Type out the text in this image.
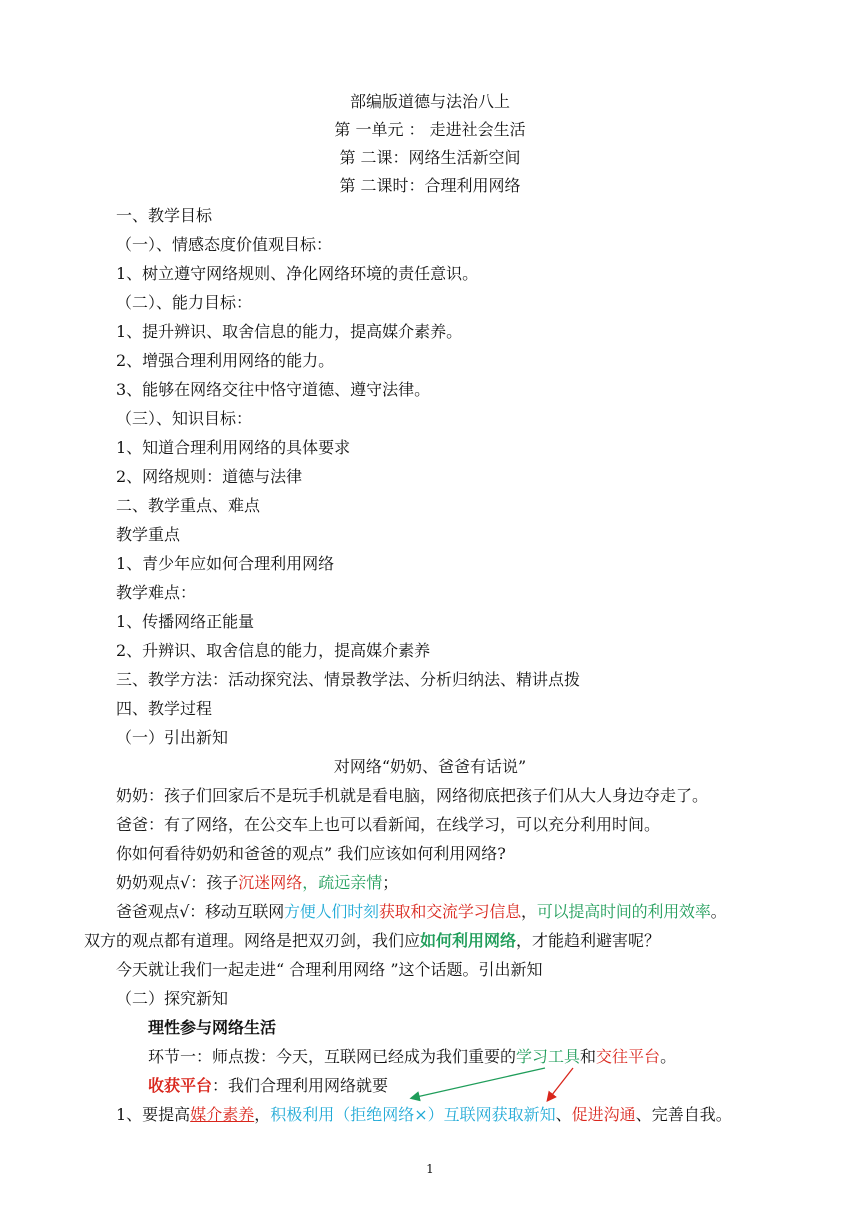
部编版道德与法治八上
第 一单元 ： 走进社会生活
第 二课：网络生活新空间
第 二课时：合理利用网络
一、教学目标
（一）、情感态度价值观目标：
1、树立遵守网络规则、净化网络环境的责任意识。
（二）、能力目标：
1、提升辨识、取舍信息的能力，提高媒介素养。
2、增强合理利用网络的能力。
3、能够在网络交往中恪守道德、遵守法律。
（三）、知识目标：
1、知道合理利用网络的具体要求
2、网络规则：道德与法律
二、教学重点、难点
教学重点
1、青少年应如何合理利用网络
教学难点：
1、传播网络正能量
2、升辨识、取舍信息的能力，提高媒介素养
三、教学方法：活动探究法、情景教学法、分析归纳法、精讲点拨
四、教学过程
（一）引出新知
对网络“奶奶、爸爸有话说”
奶奶：孩子们回家后不是玩手机就是看电脑，网络彻底把孩子们从大人身边夺走了。
爸爸：有了网络，在公交车上也可以看新闻，在线学习，可以充分利用时间。
你如何看待奶奶和爸爸的观点” 我们应该如何利用网络?
奶奶观点√：孩子沉迷网络，疏远亲情；
爸爸观点√：移动互联网方便人们时刻获取和交流学习信息，可以提高时间的利用效率。
双方的观点都有道理。网络是把双刃剑，我们应如何利用网络，才能趋利避害呢？
今天就让我们一起走进“ 合理利用网络 ”这个话题。引出新知
（二）探究新知
理性参与网络生活
环节一：师点拨：今天，互联网已经成为我们重要的学习工具和交往平台。
收获平台：我们合理利用网络就要
1、要提高媒介素养，积极利用（拒绝网络×）互联网获取新知、促进沟通、完善自我。
1
